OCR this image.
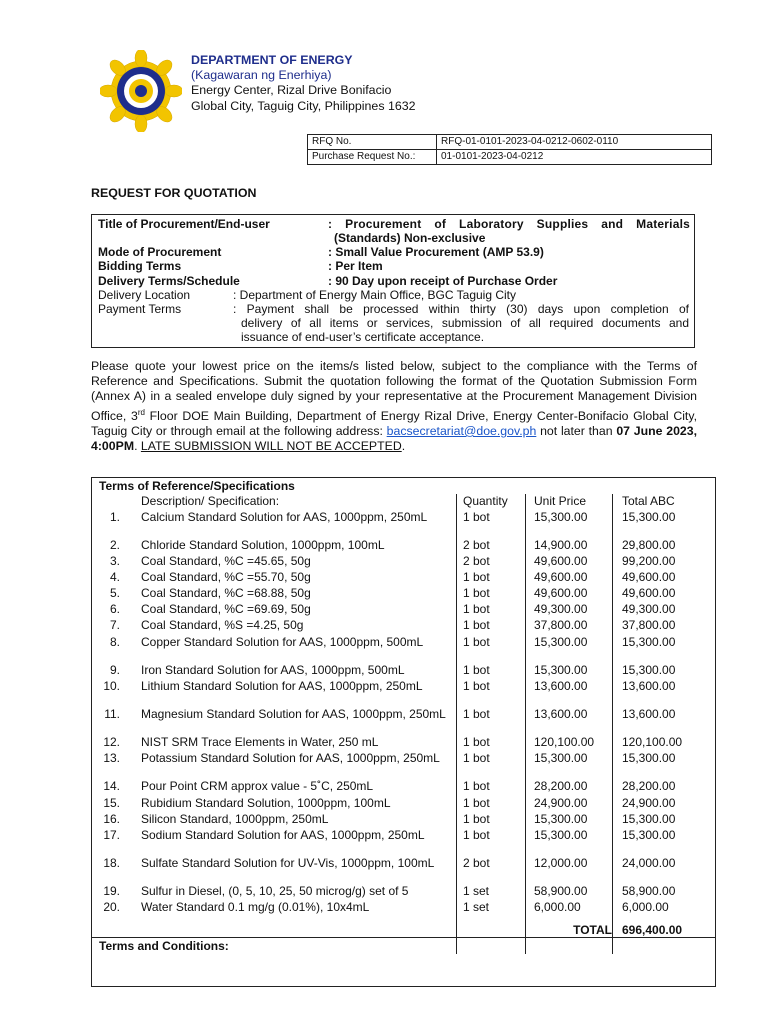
DEPARTMENT OF ENERGY
(Kagawaran ng Enerhiya)
Energy Center, Rizal Drive Bonifacio
Global City, Taguig City, Philippines 1632
RFQ No.	RFQ-01-0101-2023-04-0212-0602-0110
Purchase Request No.:	01-0101-2023-04-0212
REQUEST FOR QUOTATION
Title of Procurement/End-user	: Procurement of Laboratory Supplies and Materials
(Standards) Non-exclusive
Mode of Procurement	: Small Value Procurement (AMP 53.9)
Bidding Terms	: Per Item
Delivery Terms/Schedule	: 90 Day upon receipt of Purchase Order
Delivery Location	: Department of Energy Main Office, BGC Taguig City
Payment Terms	: Payment shall be processed within thirty (30) days upon completion of
delivery of all items or services, submission of all required documents and
issuance of end-user’s certificate acceptance.
Please quote your lowest price on the items/s listed below, subject to the compliance with the Terms of Reference and Specifications. Submit the quotation following the format of the Quotation Submission Form (Annex A) in a sealed envelope duly signed by your representative at the Procurement Management Division Office, 3rd Floor DOE Main Building, Department of Energy Rizal Drive, Energy Center-Bonifacio Global City, Taguig City or through email at the following address: bacsecretariat@doe.gov.ph not later than 07 June 2023, 4:00PM. LATE SUBMISSION WILL NOT BE ACCEPTED.
Terms of Reference/Specifications
Description/ Specification:	Quantity Unit Price	Total ABC
1. Calcium Standard Solution for AAS, 1000ppm, 250mL	1 bot	15,300.00	15,300.00
2. Chloride Standard Solution, 1000ppm, 100mL	2 bot	14,900.00	29,800.00
3. Coal Standard, %C =45.65, 50g	2 bot	49,600.00	99,200.00
4. Coal Standard, %C =55.70, 50g	1 bot	49,600.00	49,600.00
5. Coal Standard, %C =68.88, 50g	1 bot	49,600.00	49,600.00
6. Coal Standard, %C =69.69, 50g	1 bot	49,300.00	49,300.00
7. Coal Standard, %S =4.25, 50g	1 bot	37,800.00	37,800.00
8. Copper Standard Solution for AAS, 1000ppm, 500mL	1 bot	15,300.00	15,300.00
9. Iron Standard Solution for AAS, 1000ppm, 500mL	1 bot	15,300.00	15,300.00
10. Lithium Standard Solution for AAS, 1000ppm, 250mL	1 bot	13,600.00	13,600.00
11. Magnesium Standard Solution for AAS, 1000ppm, 250mL 1 bot	13,600.00	13,600.00
12. NIST SRM Trace Elements in Water, 250 mL	1 bot	120,100.00 120,100.00
13. Potassium Standard Solution for AAS, 1000ppm, 250mL	1 bot	15,300.00	15,300.00
14. Pour Point CRM approx value - 5˚C, 250mL	1 bot	28,200.00	28,200.00
15. Rubidium Standard Solution, 1000ppm, 100mL	1 bot	24,900.00	24,900.00
16. Silicon Standard, 1000ppm, 250mL	1 bot	15,300.00	15,300.00
17. Sodium Standard Solution for AAS, 1000ppm, 250mL	1 bot	15,300.00	15,300.00
18. Sulfate Standard Solution for UV-Vis, 1000ppm, 100mL	2 bot	12,000.00	24,000.00
19. Sulfur in Diesel, (0, 5, 10, 25, 50 microg/g) set of 5	1 set	58,900.00	58,900.00
20. Water Standard 0.1 mg/g (0.01%), 10x4mL	1 set	6,000.00	6,000.00
TOTAL 696,400.00
Terms and Conditions:
